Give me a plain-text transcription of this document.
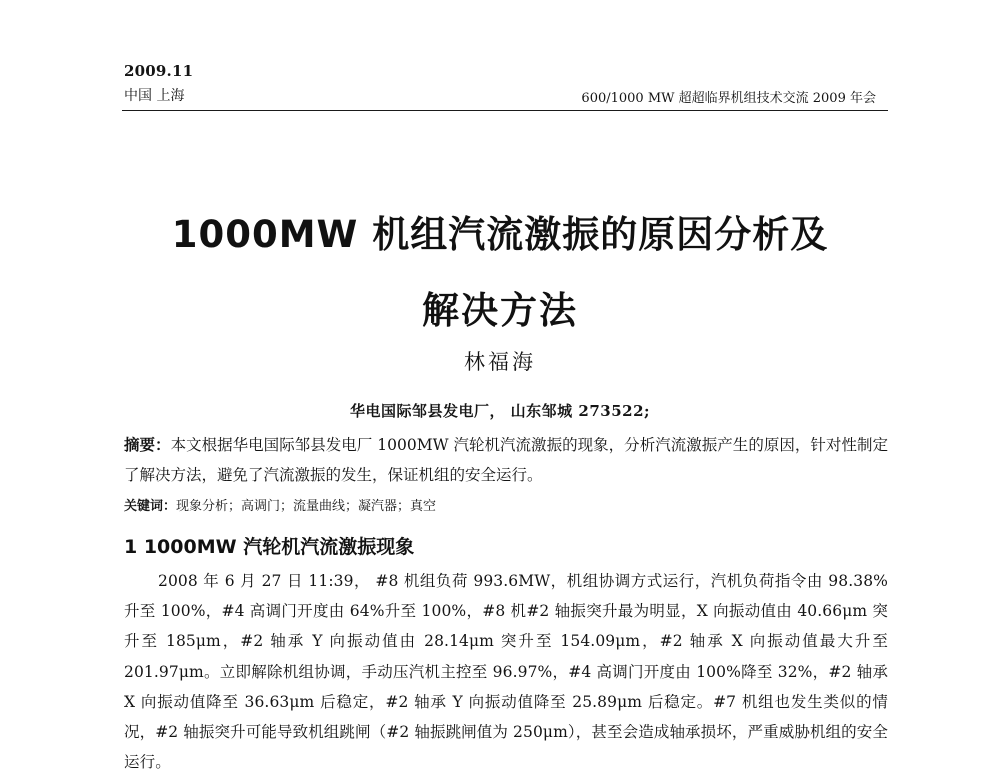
2009.11
中国 上海	600/1000 MW 超超临界机组技术交流 2009 年会
1000MW 机组汽流激振的原因分析及
解决方法
林福海
华电国际邹县发电厂， 山东邹城 273522;
摘要：本文根据华电国际邹县发电厂 1000MW 汽轮机汽流激振的现象，分析汽流激振产生的原因，针对性制定了解决方法，避免了汽流激振的发生，保证机组的安全运行。
关键词：现象分析；高调门；流量曲线；凝汽器；真空
1 1000MW 汽轮机汽流激振现象
2008 年 6 月 27 日 11:39， #8 机组负荷 993.6MW，机组协调方式运行，汽机负荷指令由 98.38% 升至 100%，#4 高调门开度由 64%升至 100%，#8 机#2 轴振突升最为明显，X 向振动值由 40.66μm 突升至 185μm，#2 轴承 Y 向振动值由 28.14μm 突升至 154.09μm，#2 轴承 X 向振动值最大升至 201.97μm。立即解除机组协调，手动压汽机主控至 96.97%，#4 高调门开度由 100%降至 32%，#2 轴承 X 向振动值降至 36.63μm 后稳定，#2 轴承 Y 向振动值降至 25.89μm 后稳定。#7 机组也发生类似的情况，#2 轴振突升可能导致机组跳闸（#2 轴振跳闸值为 250μm），甚至会造成轴承损坏，严重威胁机组的安全运行。
